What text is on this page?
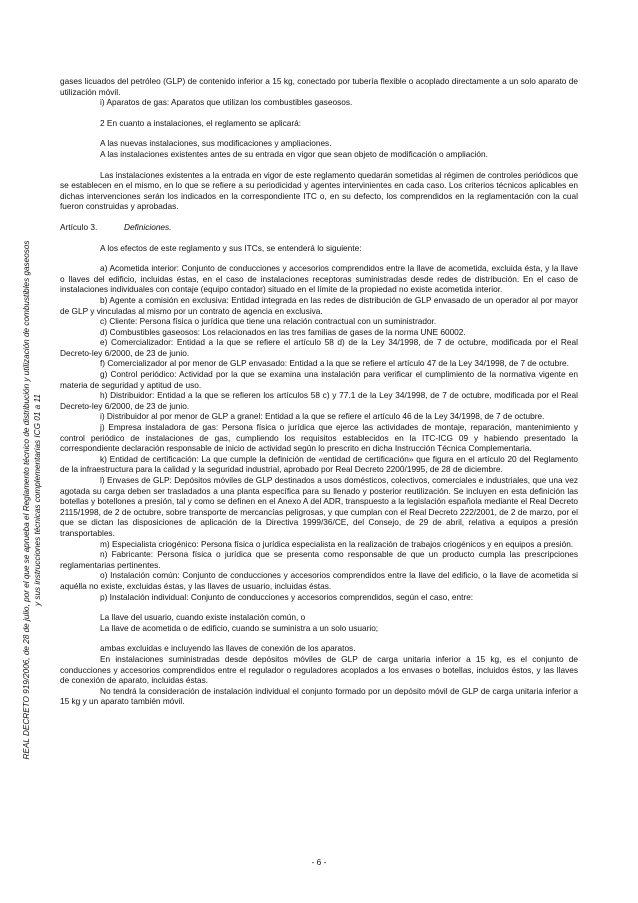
REAL DECRETO 919/2006, de 28 de julio, por el que se aprueba el Reglamento técnico de distribución y utilización de combustibles gaseosos y sus instrucciones técnicas complementarias ICG 01 a 11

gases licuados del petróleo (GLP) de contenido inferior a 15 kg, conectado por tubería flexible o acoplado directamente a un solo aparato de utilización móvil.

i) Aparatos de gas: Aparatos que utilizan los combustibles gaseosos.

2 En cuanto a instalaciones, el reglamento se aplicará:

A las nuevas instalaciones, sus modificaciones y ampliaciones.

A las instalaciones existentes antes de su entrada en vigor que sean objeto de modificación o ampliación.

Las instalaciones existentes a la entrada en vigor de este reglamento quedarán sometidas al régimen de controles periódicos que se establecen en el mismo, en lo que se refiere a su periodicidad y agentes intervinientes en cada caso. Los criterios técnicos aplicables en dichas intervenciones serán los indicados en la correspondiente ITC o, en su defecto, los comprendidos en la reglamentación con la cual fueron construidas y aprobadas.

Artículo 3.	Definiciones.

A los efectos de este reglamento y sus ITCs, se entenderá lo siguiente:

a) Acometida interior: Conjunto de conducciones y accesorios comprendidos entre la llave de acometida, excluida ésta, y la llave o llaves del edificio, incluidas éstas, en el caso de instalaciones receptoras suministradas desde redes de distribución. En el caso de instalaciones individuales con contaje (equipo contador) situado en el límite de la propiedad no existe acometida interior.

b) Agente a comisión en exclusiva: Entidad integrada en las redes de distribución de GLP envasado de un operador al por mayor de GLP y vinculadas al mismo por un contrato de agencia en exclusiva.

c) Cliente: Persona física o jurídica que tiene una relación contractual con un suministrador.

d) Combustibles gaseosos: Los relacionados en las tres familias de gases de la norma UNE 60002.

e) Comercializador: Entidad a la que se refiere el artículo 58 d) de la Ley 34/1998, de 7 de octubre, modificada por el Real Decreto-ley 6/2000, de 23 de junio.

f) Comercializador al por menor de GLP envasado: Entidad a la que se refiere el artículo 47 de la Ley 34/1998, de 7 de octubre.

g) Control periódico: Actividad por la que se examina una instalación para verificar el cumplimiento de la normativa vigente en materia de seguridad y aptitud de uso.

h) Distribuidor: Entidad a la que se refieren los artículos 58 c) y 77.1 de la Ley 34/1998, de 7 de octubre, modificada por el Real Decreto-ley 6/2000, de 23 de junio.

i) Distribuidor al por menor de GLP a granel: Entidad a la que se refiere el artículo 46 de la Ley 34/1998, de 7 de octubre.

j) Empresa instaladora de gas: Persona física o jurídica que ejerce las actividades de montaje, reparación, mantenimiento y control periódico de instalaciones de gas, cumpliendo los requisitos establecidos en la ITC-ICG 09 y habiendo presentado la correspondiente declaración responsable de inicio de actividad según lo prescrito en dicha Instrucción Técnica Complementaria.

k) Entidad de certificación: La que cumple la definición de «entidad de certificación» que figura en el artículo 20 del Reglamento de la infraestructura para la calidad y la seguridad industrial, aprobado por Real Decreto 2200/1995, de 28 de diciembre.

l) Envases de GLP: Depósitos móviles de GLP destinados a usos domésticos, colectivos, comerciales e industriales, que una vez agotada su carga deben ser trasladados a una planta específica para su llenado y posterior reutilización. Se incluyen en esta definición las botellas y botellones a presión, tal y como se definen en el Anexo A del ADR, transpuesto a la legislación española mediante el Real Decreto 2115/1998, de 2 de octubre, sobre transporte de mercancías peligrosas, y que cumplan con el Real Decreto 222/2001, de 2 de marzo, por el que se dictan las disposiciones de aplicación de la Directiva 1999/36/CE, del Consejo, de 29 de abril, relativa a equipos a presión transportables.

m) Especialista criogénico: Persona física o jurídica especialista en la realización de trabajos criogénicos y en equipos a presión.

n) Fabricante: Persona física o jurídica que se presenta como responsable de que un producto cumpla las prescripciones reglamentarias pertinentes.

o) Instalación común: Conjunto de conducciones y accesorios comprendidos entre la llave del edificio, o la llave de acometida si aquélla no existe, excluidas éstas, y las llaves de usuario, incluidas éstas.

p) Instalación individual: Conjunto de conducciones y accesorios comprendidos, según el caso, entre:

La llave del usuario, cuando existe instalación común, o

La llave de acometida o de edificio, cuando se suministra a un solo usuario;

ambas excluidas e incluyendo las llaves de conexión de los aparatos.

En instalaciones suministradas desde depósitos móviles de GLP de carga unitaria inferior a 15 kg, es el conjunto de conducciones y accesorios comprendidos entre el regulador o reguladores acoplados a los envases o botellas, incluidos éstos, y las llaves de conexión de aparato, incluidas éstas.

No tendrá la consideración de instalación individual el conjunto formado por un depósito móvil de GLP de carga unitaria inferior a 15 kg y un aparato también móvil.

- 6 -
